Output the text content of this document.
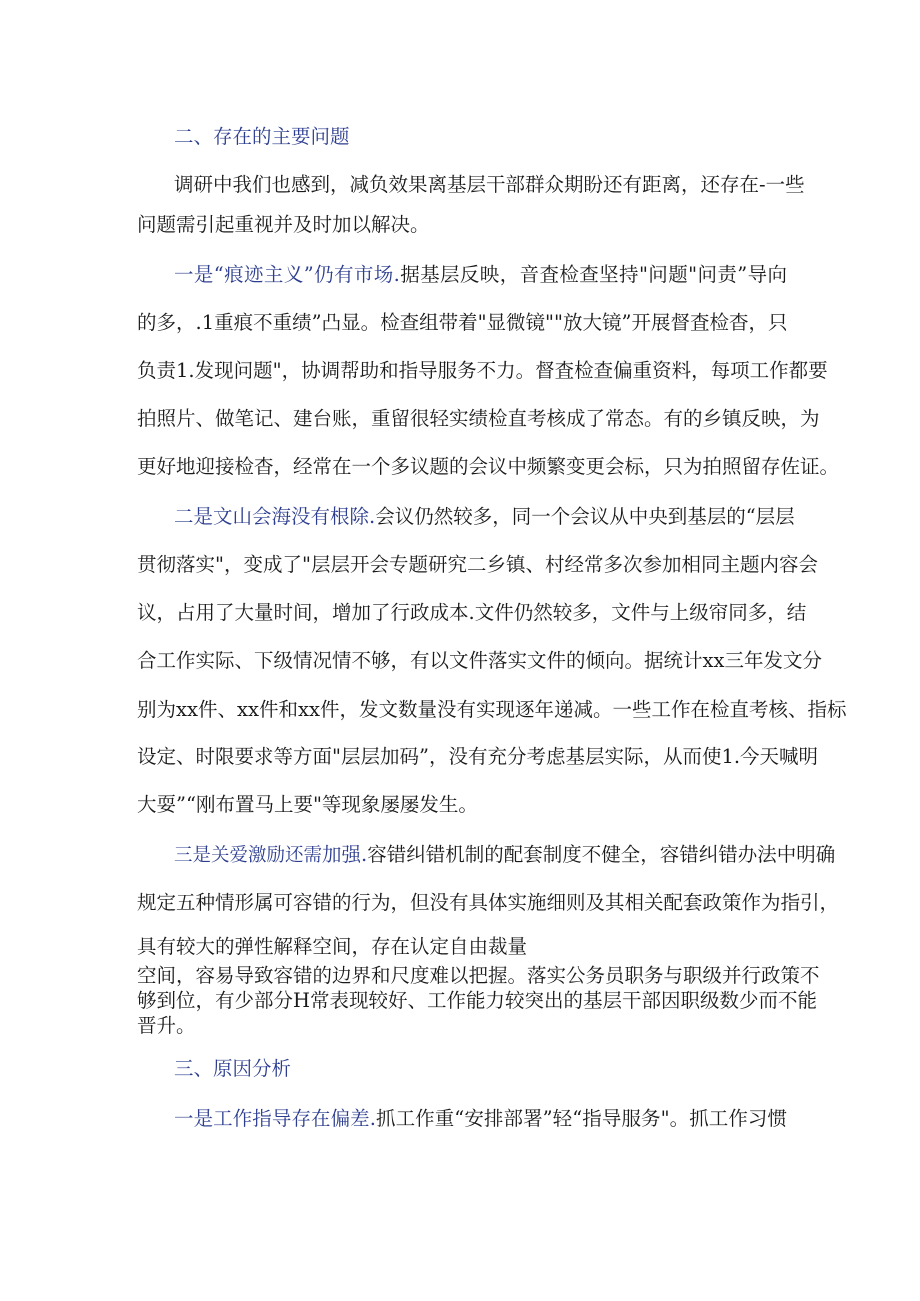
二、存在的主要问题
调研中我们也感到，减负效果离基层干部群众期盼还有距离，还存在-一些
问题需引起重视并及时加以解决。
一是“痕迹主义”仍有市场.据基层反映，音査检查坚持"问题"问责”导向
的多，.1重痕不重绩”凸显。检查组带着"显微镜""放大镜”开展督査检杳，只
负责1.发现问题"，协调帮助和指导服务不力。督査检查偏重资料，每项工作都要
拍照片、做笔记、建台账，重留很轻实绩检直考核成了常态。有的乡镇反映，为
更好地迎接检杳，经常在一个多议题的会议中频繁变更会标，只为拍照留存佐证。
二是文山会海没有根除.会议仍然较多，同一个会议从中央到基层的“层层
贯彻落实"，变成了"层层开会专题研究二乡镇、村经常多次参加相同主题内容会
议，占用了大量时间，增加了行政成本.文件仍然较多，文件与上级帘同多，结
合工作实际、下级情况情不够，有以文件落实文件的倾向。据统计xx三年发文分
别为xx件、xx件和xx件，发文数量没有实现逐年递减。一些工作在检直考核、指标
设定、时限要求等方面"层层加码”，没有充分考虑基层实际，从而使1.今天喊明
大耍”“刚布置马上要"等现象屡屡发生。
三是关爱激励还需加强.容错纠错机制的配套制度不健全，容错纠错办法中明确
规定五种情形属可容错的行为，但没有具体实施细则及其相关配套政策作为指引，
具有较大的弹性解释空间，存在认定自由裁量
空间，容易导致容错的边界和尺度难以把握。落实公务员职务与职级并行政策不
够到位，有少部分H常表现较好、工作能力较突出的基层干部因职级数少而不能
晋升。
三、原因分析
一是工作指导存在偏差.抓工作重“安排部署”轻“指导服务"。抓工作习惯
